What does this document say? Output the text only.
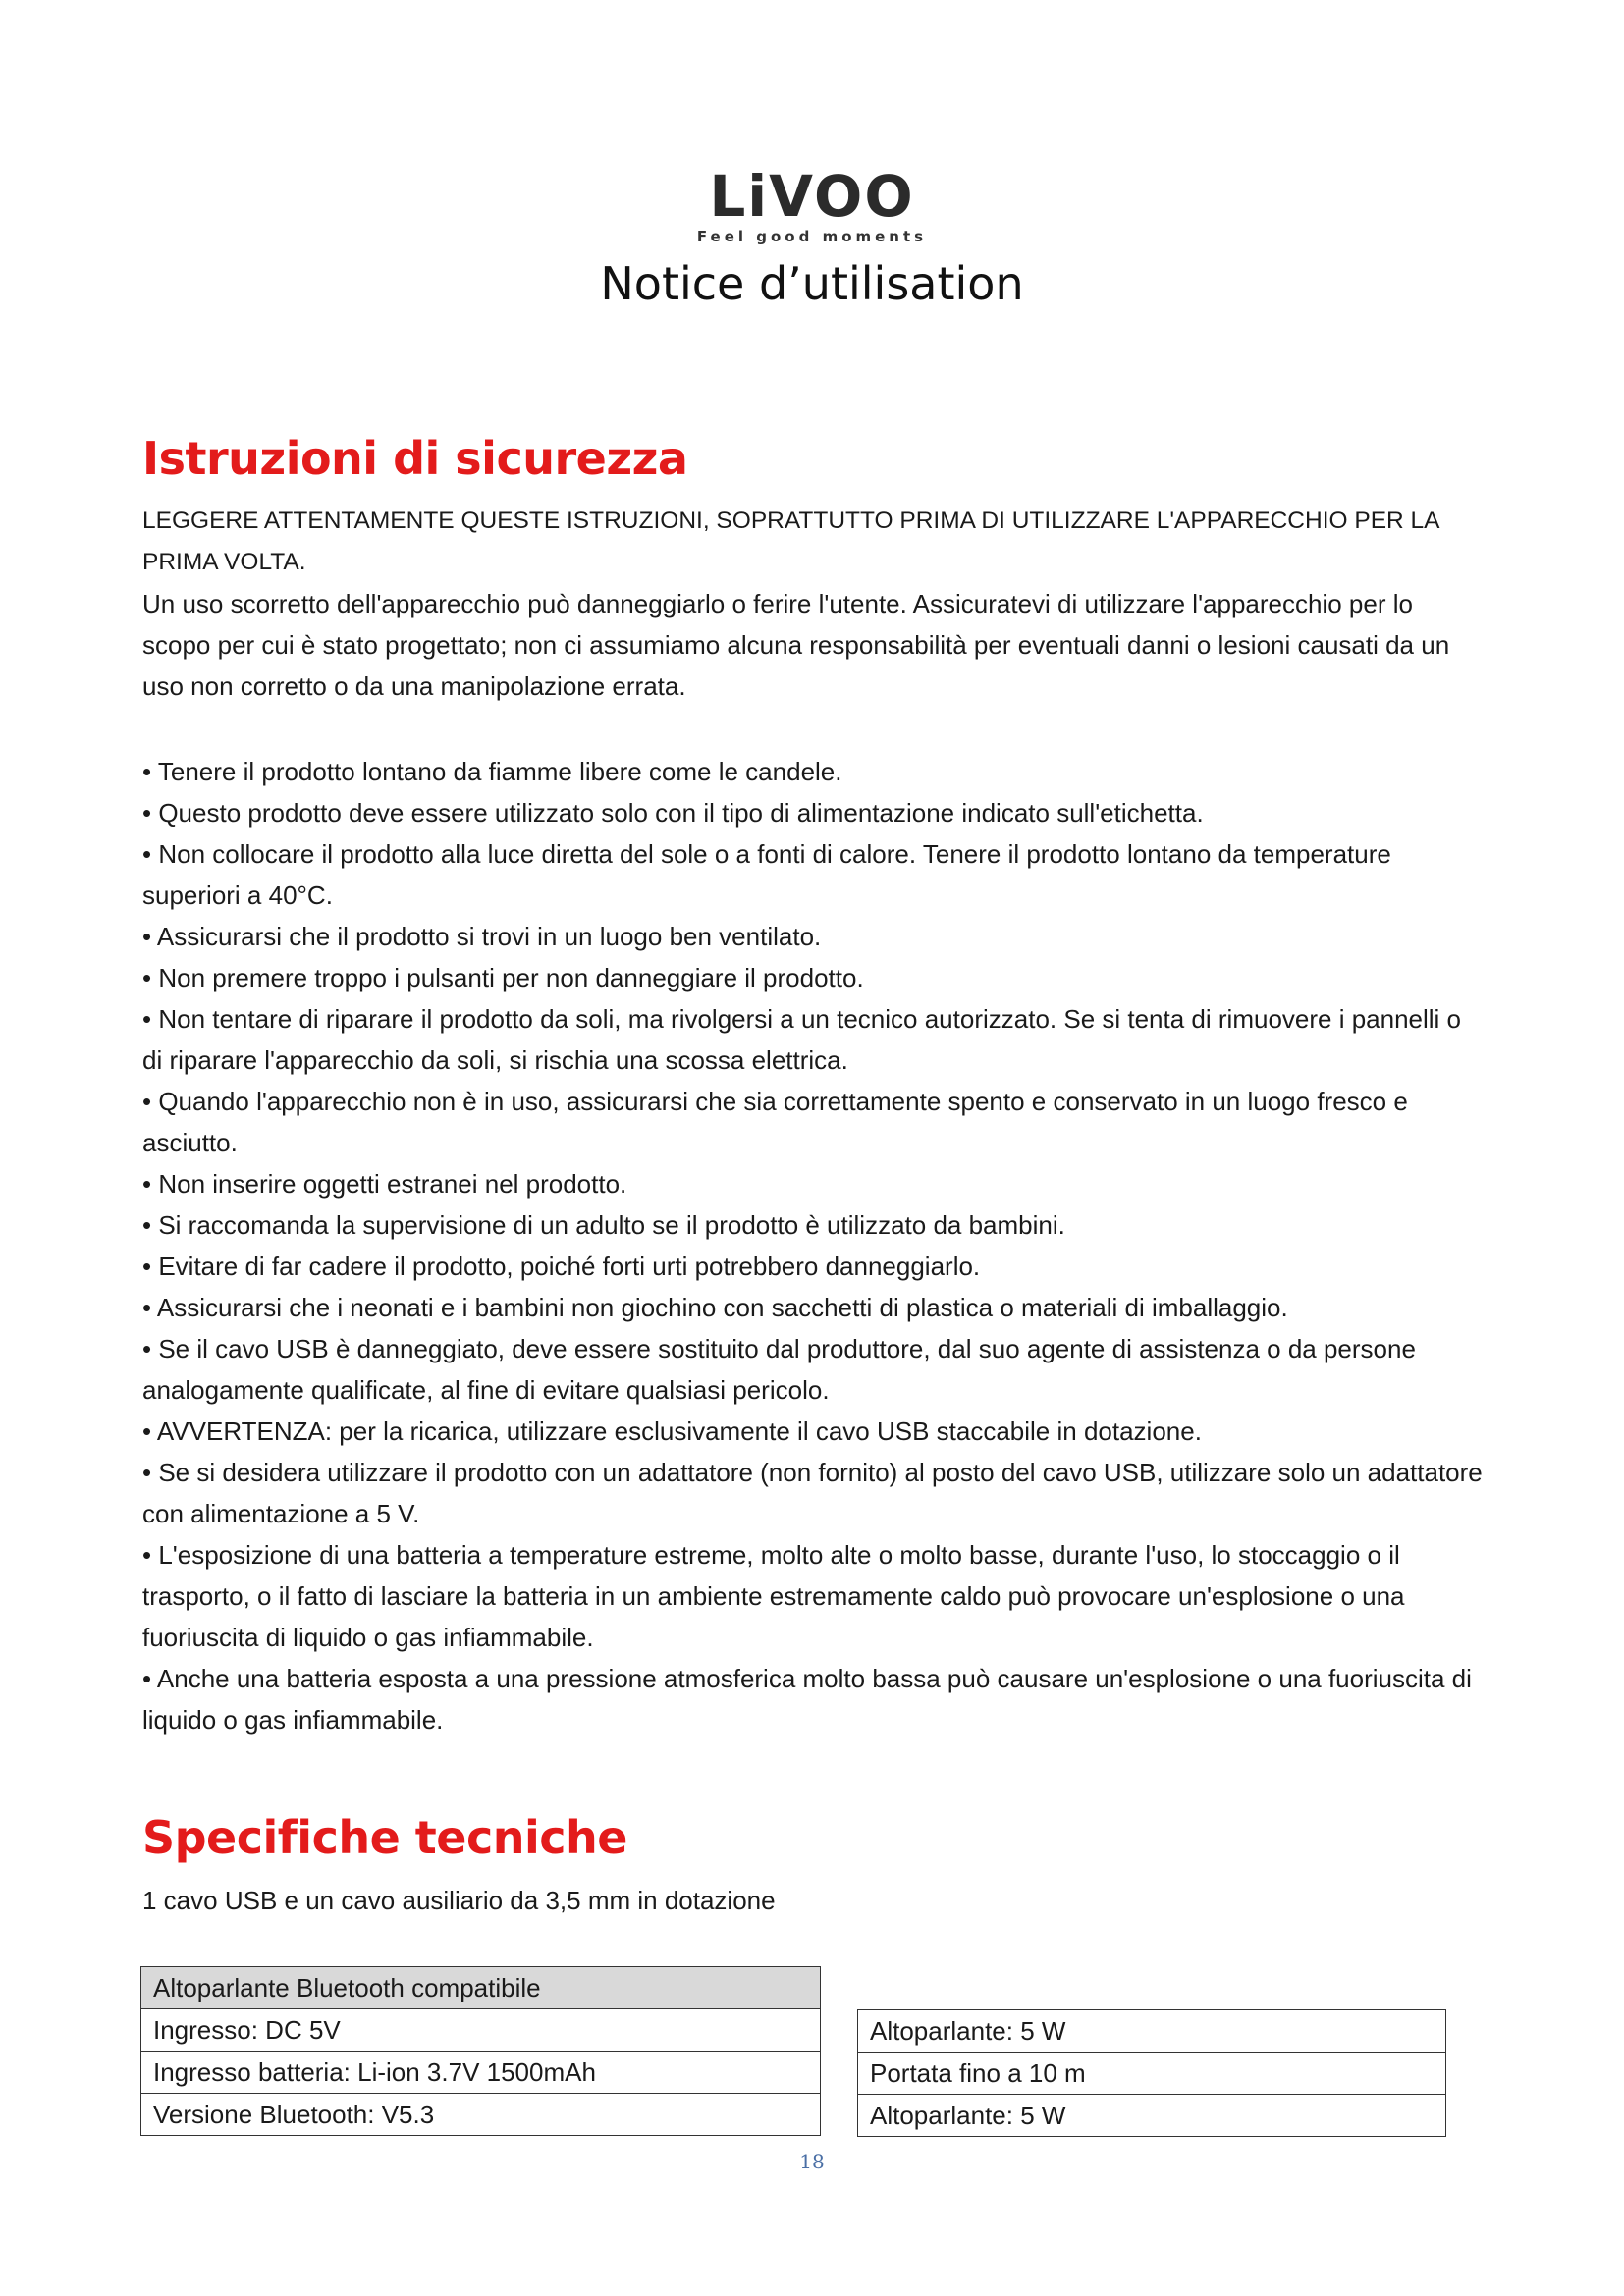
LiVOO
Feel good moments
Notice d’utilisation
Istruzioni di sicurezza

LEGGERE ATTENTAMENTE QUESTE ISTRUZIONI, SOPRATTUTTO PRIMA DI UTILIZZARE L'APPARECCHIO PER LA PRIMA VOLTA.

Un uso scorretto dell'apparecchio può danneggiarlo o ferire l'utente. Assicuratevi di utilizzare l'apparecchio per lo scopo per cui è stato progettato; non ci assumiamo alcuna responsabilità per eventuali danni o lesioni causati da un uso non corretto o da una manipolazione errata.

• Tenere il prodotto lontano da fiamme libere come le candele.
• Questo prodotto deve essere utilizzato solo con il tipo di alimentazione indicato sull'etichetta.
• Non collocare il prodotto alla luce diretta del sole o a fonti di calore. Tenere il prodotto lontano da temperature superiori a 40°C.
• Assicurarsi che il prodotto si trovi in un luogo ben ventilato.
• Non premere troppo i pulsanti per non danneggiare il prodotto.
• Non tentare di riparare il prodotto da soli, ma rivolgersi a un tecnico autorizzato. Se si tenta di rimuovere i pannelli o di riparare l'apparecchio da soli, si rischia una scossa elettrica.
• Quando l'apparecchio non è in uso, assicurarsi che sia correttamente spento e conservato in un luogo fresco e asciutto.
• Non inserire oggetti estranei nel prodotto.
• Si raccomanda la supervisione di un adulto se il prodotto è utilizzato da bambini.
• Evitare di far cadere il prodotto, poiché forti urti potrebbero danneggiarlo.
• Assicurarsi che i neonati e i bambini non giochino con sacchetti di plastica o materiali di imballaggio.
• Se il cavo USB è danneggiato, deve essere sostituito dal produttore, dal suo agente di assistenza o da persone analogamente qualificate, al fine di evitare qualsiasi pericolo.
• AVVERTENZA: per la ricarica, utilizzare esclusivamente il cavo USB staccabile in dotazione.
• Se si desidera utilizzare il prodotto con un adattatore (non fornito) al posto del cavo USB, utilizzare solo un adattatore con alimentazione a 5 V.
• L'esposizione di una batteria a temperature estreme, molto alte o molto basse, durante l'uso, lo stoccaggio o il trasporto, o il fatto di lasciare la batteria in un ambiente estremamente caldo può provocare un'esplosione o una fuoriuscita di liquido o gas infiammabile.
• Anche una batteria esposta a una pressione atmosferica molto bassa può causare un'esplosione o una fuoriuscita di liquido o gas infiammabile.
Specifiche tecniche
1 cavo USB e un cavo ausiliario da 3,5 mm in dotazione
Altoparlante Bluetooth compatibile
Ingresso: DC 5V
Ingresso batteria: Li-ion 3.7V 1500mAh
Versione Bluetooth: V5.3
Altoparlante: 5 W
Portata fino a 10 m
Altoparlante: 5 W
18
